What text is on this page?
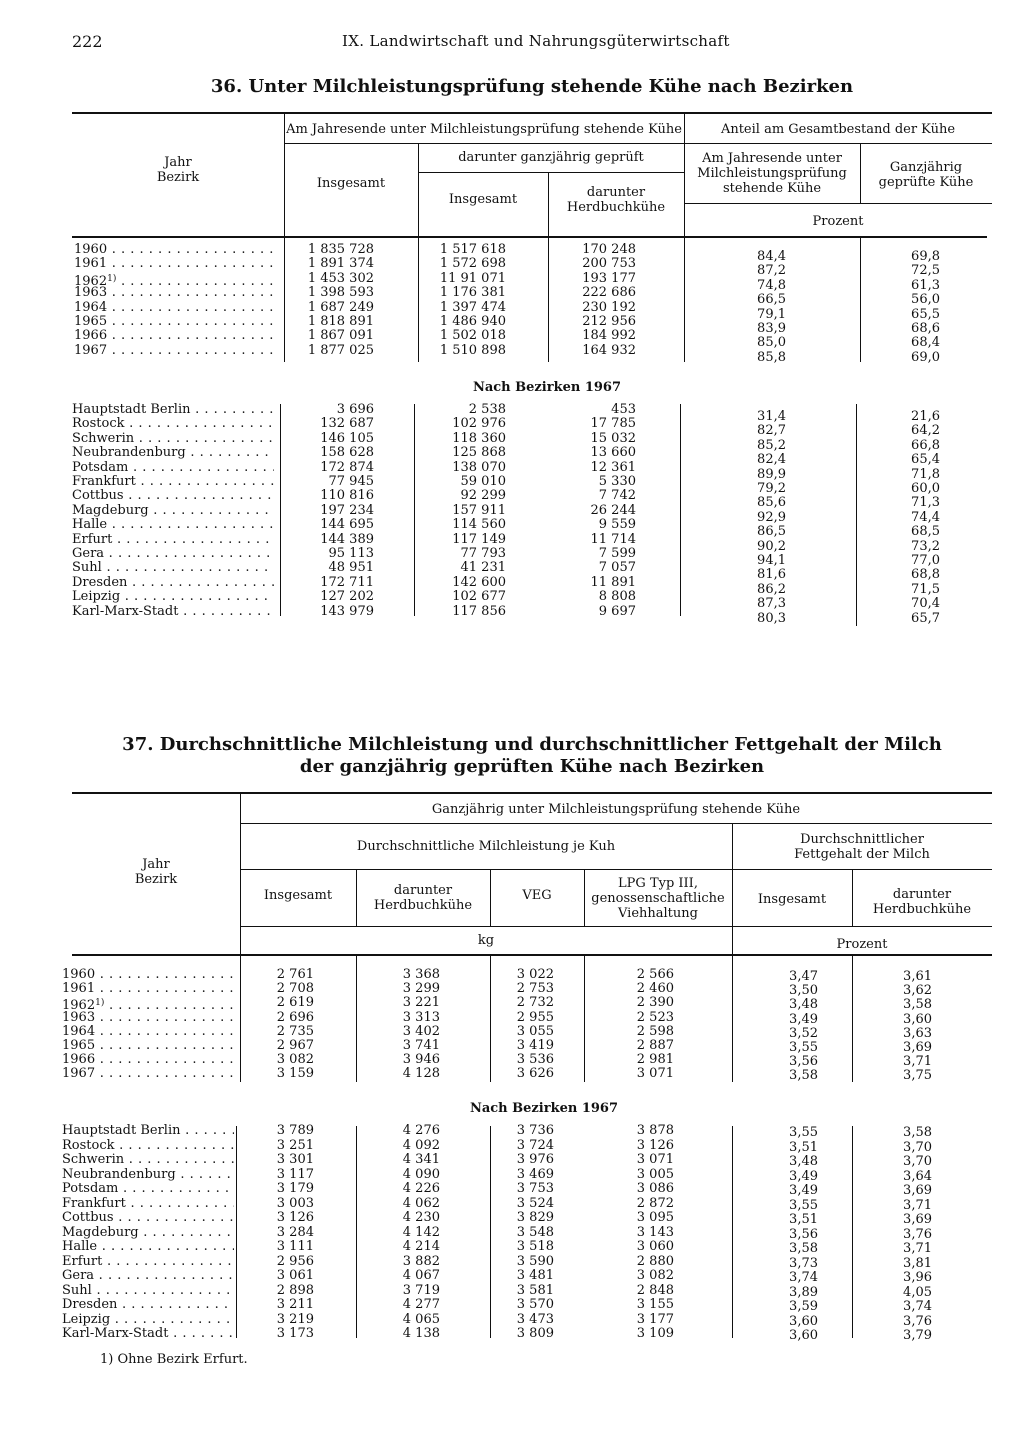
222	IX. Landwirtschaft und Nahrungsgüterwirtschaft
36. Unter Milchleistungsprüfung stehende Kühe nach Bezirken
Jahr
Bezirk
Am Jahresende unter Milchleistungsprüfung stehende Kühe
Insgesamt
darunter ganzjährig geprüft
Insgesamt	darunter
Herdbuchkühe
Anteil am Gesamtbestand der Kühe
Am Jahresende unter
Milchleistungsprüfung
stehende Kühe
Ganzjährig
geprüfte Kühe
Prozent
Nach Bezirken 1967
1960 . . .	1 835 728	1 517 618	170 248	84,4	69,8
1961 . . .	1 891 374	1 572 698	200 753	87,2	72,5
1962$^{1)}$ . . .	1 453 302	11 91 071	193 177	74,8	61,3
1963 . . .	1 398 593	1 176 381	222 686	66,5	56,0
1964 . . .	1 687 249	1 397 474	230 192	79,1	65,5
1965 . . .	1 818 891	1 486 940	212 956	83,9	68,6
1966 . . .	1 867 091	1 502 018	184 992	85,0	68,4
1967 . . .	1 877 025	1 510 898	164 932	85,8	69,0
Hauptstadt Berlin . . .	3 696	2 538	453	31,4	21,6
Rostock . . .	132 687	102 976	17 785	82,7	64,2
Schwerin . . .	146 105	118 360	15 032	85,2	66,8
Neubrandenburg . . .	158 628	125 868	13 660	82,4	65,4
Potsdam . . .	172 874	138 070	12 361	89,9	71,8
Frankfurt . . .	77 945	59 010	5 330	79,2	60,0
Cottbus . . .	110 816	92 299	7 742	85,6	71,3
Magdeburg . . .	197 234	157 911	26 244	92,9	74,4
Halle . . .	144 695	114 560	9 559	86,5	68,5
Erfurt . . .	144 389	117 149	11 714	90,2	73,2
Gera . . .	95 113	77 793	7 599	94,1	77,0
Suhl . . .	48 951	41 231	7 057	81,6	68,8
Dresden . . .	172 711	142 600	11 891	86,2	71,5
Leipzig . . .	127 202	102 677	8 808	87,3	70,4
Karl-Marx-Stadt . . .	143 979	117 856	9 697	80,3	65,7
37. Durchschnittliche Milchleistung und durchschnittlicher Fettgehalt der Milch
der ganzjährig geprüften Kühe nach Bezirken
Jahr
Bezirk
Ganzjährig unter Milchleistungsprüfung stehende Kühe
Durchschnittliche Milchleistung je Kuh	Durchschnittlicher
Fettgehalt der Milch
Insgesamt	darunter
Herdbuchkühe
VEG
LPG Typ III,
genossenschaftliche
Viehhaltung
Insgesamt	darunter
Herdbuchkühe
kg	Prozent
Nach Bezirken 1967
1960 . . .	2 761	3 368	3 022	2 566	3,47	3,61
1961 . . .	2 708	3 299	2 753	2 460	3,50	3,62
1962$^{1)}$ . . .	2 619	3 221	2 732	2 390	3,48	3,58
1963 . . .	2 696	3 313	2 955	2 523	3,49	3,60
1964 . . .	2 735	3 402	3 055	2 598	3,52	3,63
1965 . . .	2 967	3 741	3 419	2 887	3,55	3,69
1966 . . .	3 082	3 946	3 536	2 981	3,56	3,71
1967 . . .	3 159	4 128	3 626	3 071	3,58	3,75
Hauptstadt Berlin . . .	3 789	4 276	3 736	3 878	3,55	3,58
Rostock . . .	3 251	4 092	3 724	3 126	3,51	3,70
Schwerin . . .	3 301	4 341	3 976	3 071	3,48	3,70
Neubrandenburg . . .	3 117	4 090	3 469	3 005	3,49	3,64
Potsdam . . .	3 179	4 226	3 753	3 086	3,49	3,69
Frankfurt . . .	3 003	4 062	3 524	2 872	3,55	3,71
Cottbus . . .	3 126	4 230	3 829	3 095	3,51	3,69
Magdeburg . . .	3 284	4 142	3 548	3 143	3,56	3,76
Halle . . .	3 111	4 214	3 518	3 060	3,58	3,71
Erfurt . . .	2 956	3 882	3 590	2 880	3,73	3,81
Gera . . .	3 061	4 067	3 481	3 082	3,74	3,96
Suhl . . .	2 898	3 719	3 581	2 848	3,89	4,05
Dresden . . .	3 211	4 277	3 570	3 155	3,59	3,74
Leipzig . . .	3 219	4 065	3 473	3 177	3,60	3,76
Karl-Marx-Stadt . . .	3 173	4 138	3 809	3 109	3,60	3,79
1) Ohne Bezirk Erfurt.
